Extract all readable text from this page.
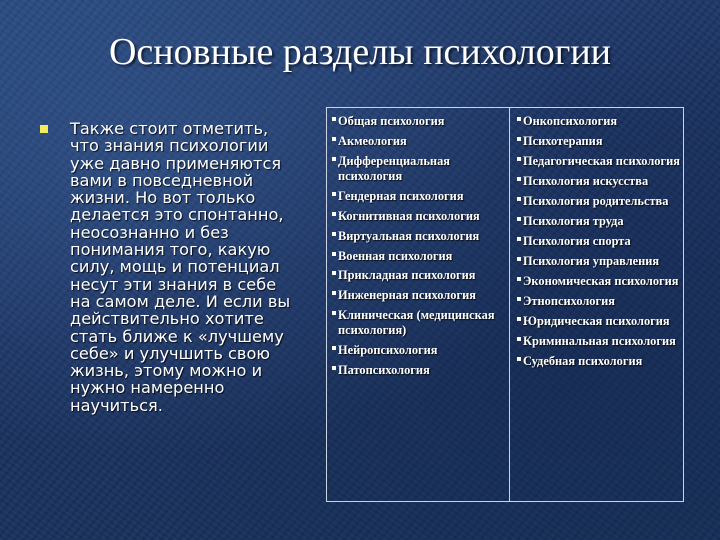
Основные разделы психологии
Также стоит отметить, что знания психологии уже давно применяются вами в повседневной жизни. Но вот только делается это спонтанно, неосознанно и без понимания того, какую силу, мощь и потенциал несут эти знания в себе на самом деле. И если вы действительно хотите стать ближе к «лучшему себе» и улучшить свою жизнь, этому можно и нужно намеренно научиться.
Общая психология
Акмеология
Дифференциальная психология
Гендерная психология
Когнитивная психология
Виртуальная психология
Военная психология
Прикладная психология
Инженерная психология
Клиническая (медицинская психология)
Нейропсихология
Патопсихология
Онкопсихология
Психотерапия
Педагогическая психология
Психология искусства
Психология родительства
Психология труда
Психология спорта
Психология управления
Экономическая психология
Этнопсихология
Юридическая психология
Криминальная психология
Судебная психология
